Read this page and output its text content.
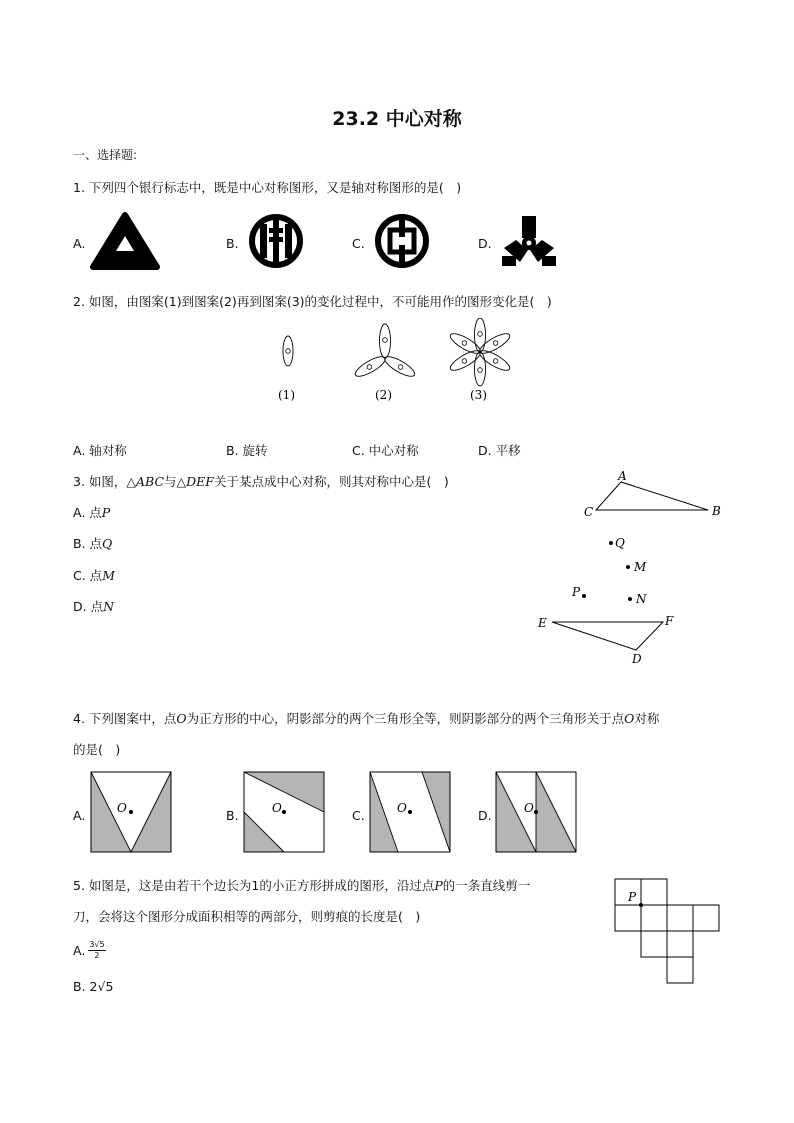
23.2 中心对称
一、选择题:
1. 下列四个银行标志中，既是中心对称图形，又是轴对称图形的是(　)
A.	B.	C.	D.
2. 如图，由图案(1)到图案(2)再到图案(3)的变化过程中，不可能用作的图形变化是(　)
(1)	(2)	(3)
A. 轴对称	B. 旋转	C. 中心对称	D. 平移
3. 如图，△ABC与△DEF关于某点成中心对称，则其对称中心是(　)
A. 点P
B. 点Q
C. 点M
D. 点N
A
B
C
Q
M
P	N
E	F
D
4. 下列图案中，点O为正方形的中心，阴影部分的两个三角形全等，则阴影部分的两个三角形关于点O对称
的是(　)
A.	B.	C.	D.
O	O	O	O
5. 如图是，这是由若干个边长为1的小正方形拼成的图形，沿过点P的一条直线剪一
刀，会将这个图形分成面积相等的两部分，则剪痕的长度是(　)
A. $\frac{3√5}{2}$
B. 2√5
P
